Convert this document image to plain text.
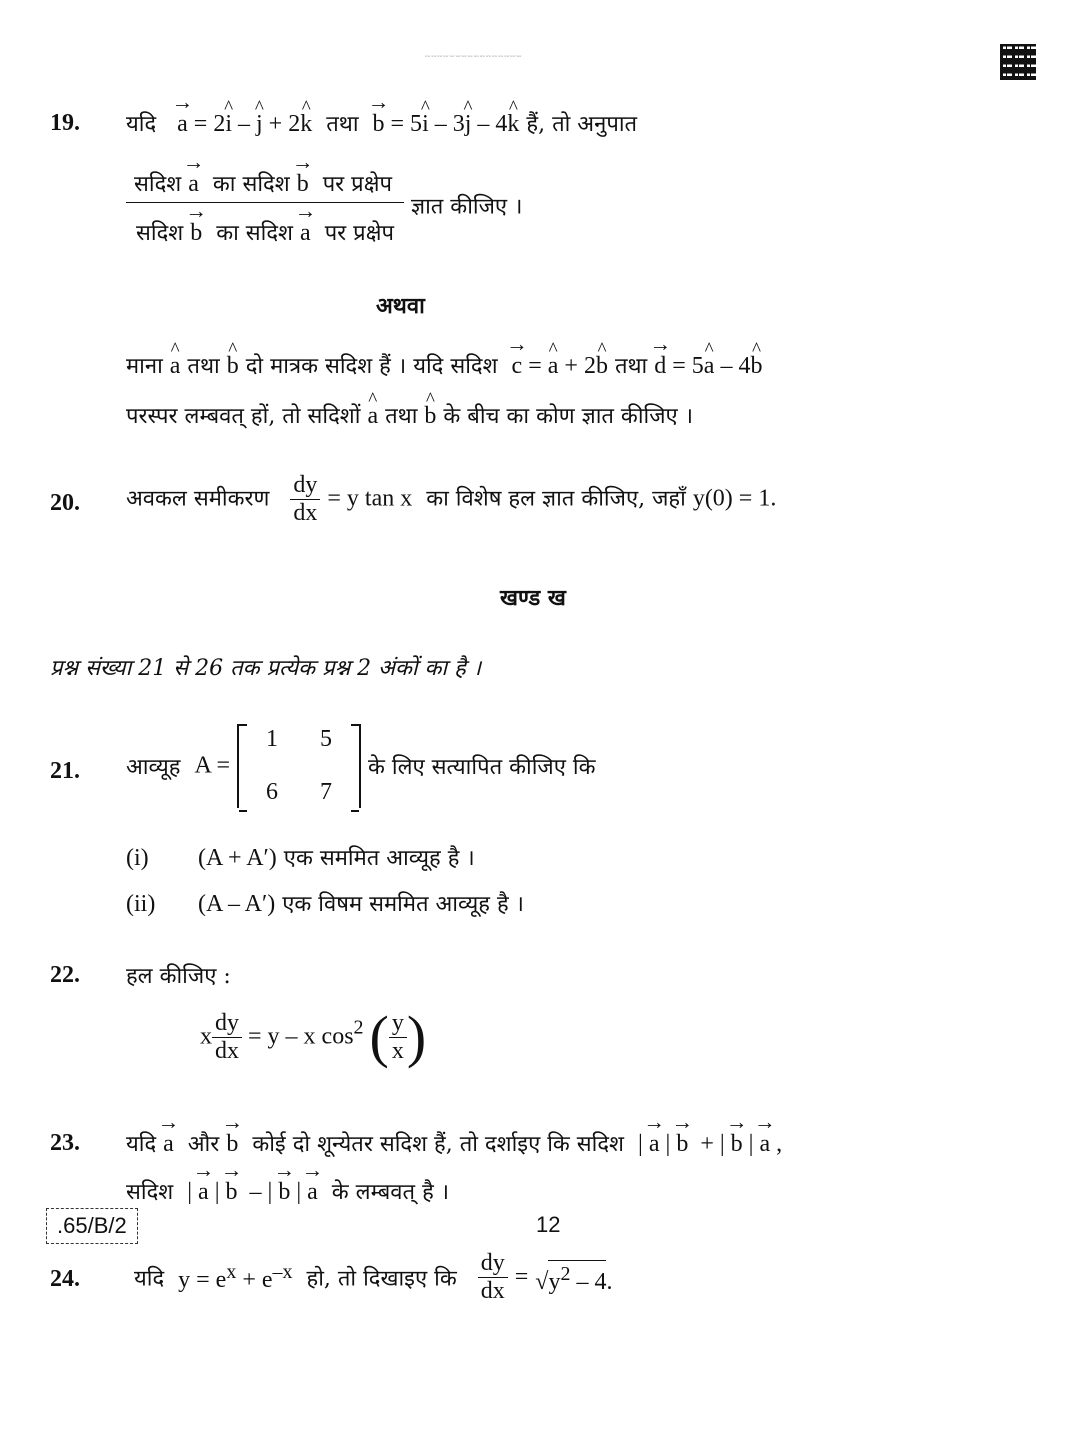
ww ww ww ww ww ww ww ww ww ww ww ww ww ww ww ww
19. यदि → a = 2^ i – ^ j + 2^ k तथा → b = 5^ i – 3^ j – 4^ k हैं, तो अनुपात
$\frac{\text{सदिश → a का सदिश → b पर प्रक्षेप}}{\text{सदिश → b का सदिश → a पर प्रक्षेप}}$ ज्ञात कीजिए ।
अथवा
माना ^ a तथा ^ b दो मात्रक सदिश हैं । यदि सदिश → c = ^ a + 2^ b तथा → d = 5^ a – 4^ b
परस्पर लम्बवत् हों, तो सदिशों ^ a तथा ^ b के बीच का कोण ज्ञात कीजिए ।
20. अवकल समीकरण $\frac{dy}{dx} = y$ tan x का विशेष हल ज्ञात कीजिए, जहाँ y(0) = 1.
खण्ड ख
प्रश्न संख्या 21 से 26 तक प्रत्येक प्रश्न 2 अंकों का है ।
21. आव्यूह A =
1	5
6	7
के लिए सत्यापित कीजिए कि
(i) (A + A′) एक सममित आव्यूह है ।
(ii) (A – A′) एक विषम सममित आव्यूह है ।
22. हल कीजिए :
x $\frac{dy}{dx} = y - x$ $\cos^2$ ( $\frac{y}{x}$ )
23. यदि → a और → b कोई दो शून्येतर सदिश हैं, तो दर्शाइए कि सदिश | → a | → b + | → b | → a ,
सदिश | → a | → b – | → b | → a के लम्बवत् है ।
24. यदि $y = e^x + e^{-x}$ हो, तो दिखाइए कि $\frac{dy}{dx} = √y^2 - 4$.
.65/B/2	12
